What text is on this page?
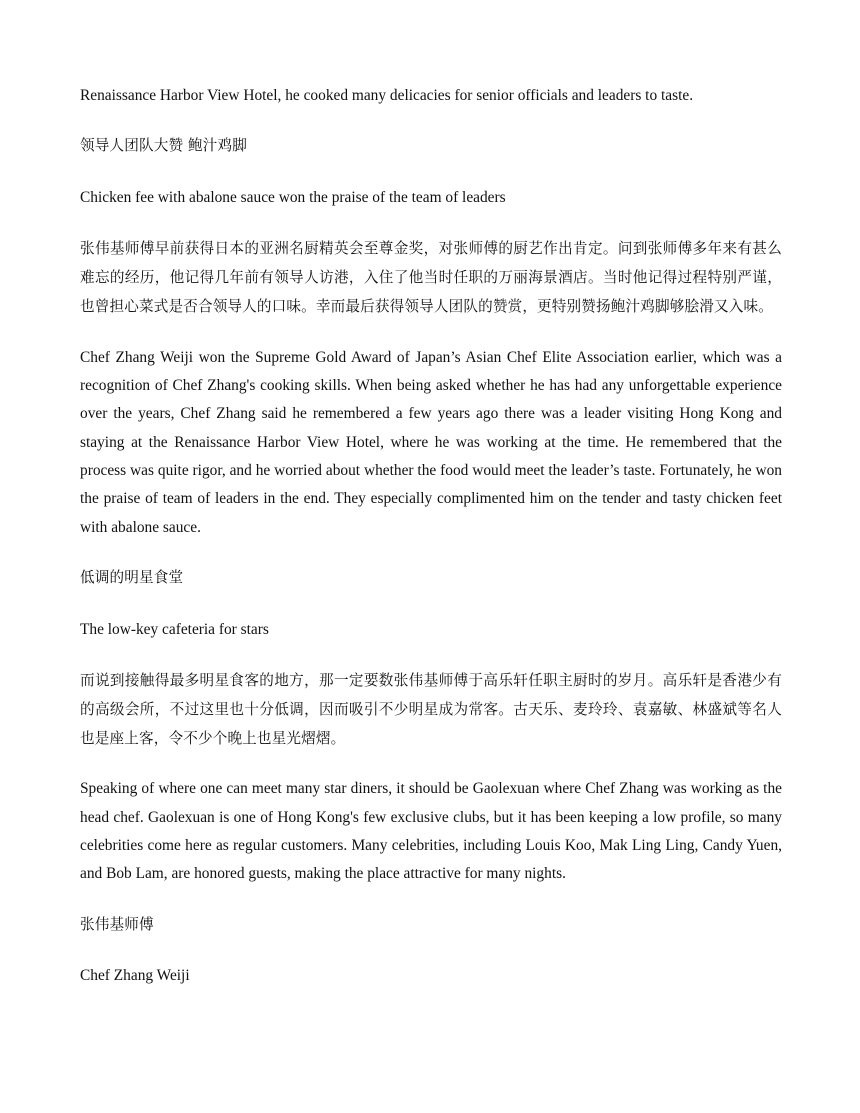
Renaissance Harbor View Hotel, he cooked many delicacies for senior officials and leaders to taste.

领导人团队大赞 鲍汁鸡脚

Chicken fee with abalone sauce won the praise of the team of leaders

张伟基师傅早前获得日本的亚洲名厨精英会至尊金奖，对张师傅的厨艺作出肯定。问到张师傅多年来有甚么难忘的经历，他记得几年前有领导人访港，入住了他当时任职的万丽海景酒店。当时他记得过程特别严谨，也曾担心菜式是否合领导人的口味。幸而最后获得领导人团队的赞赏，更特别赞扬鲍汁鸡脚够脍滑又入味。

Chef Zhang Weiji won the Supreme Gold Award of Japan’s Asian Chef Elite Association earlier, which was a recognition of Chef Zhang's cooking skills. When being asked whether he has had any unforgettable experience over the years, Chef Zhang said he remembered a few years ago there was a leader visiting Hong Kong and staying at the Renaissance Harbor View Hotel, where he was working at the time. He remembered that the process was quite rigor, and he worried about whether the food would meet the leader’s taste. Fortunately, he won the praise of team of leaders in the end. They especially complimented him on the tender and tasty chicken feet with abalone sauce.

低调的明星食堂

The low-key cafeteria for stars

而说到接触得最多明星食客的地方，那一定要数张伟基师傅于高乐轩任职主厨时的岁月。高乐轩是香港少有的高级会所，不过这里也十分低调，因而吸引不少明星成为常客。古天乐、麦玲玲、袁嘉敏、林盛斌等名人也是座上客，令不少个晚上也星光熠熠。

Speaking of where one can meet many star diners, it should be Gaolexuan where Chef Zhang was working as the head chef. Gaolexuan is one of Hong Kong's few exclusive clubs, but it has been keeping a low profile, so many celebrities come here as regular customers. Many celebrities, including Louis Koo, Mak Ling Ling, Candy Yuen, and Bob Lam, are honored guests, making the place attractive for many nights.

张伟基师傅

Chef Zhang Weiji
